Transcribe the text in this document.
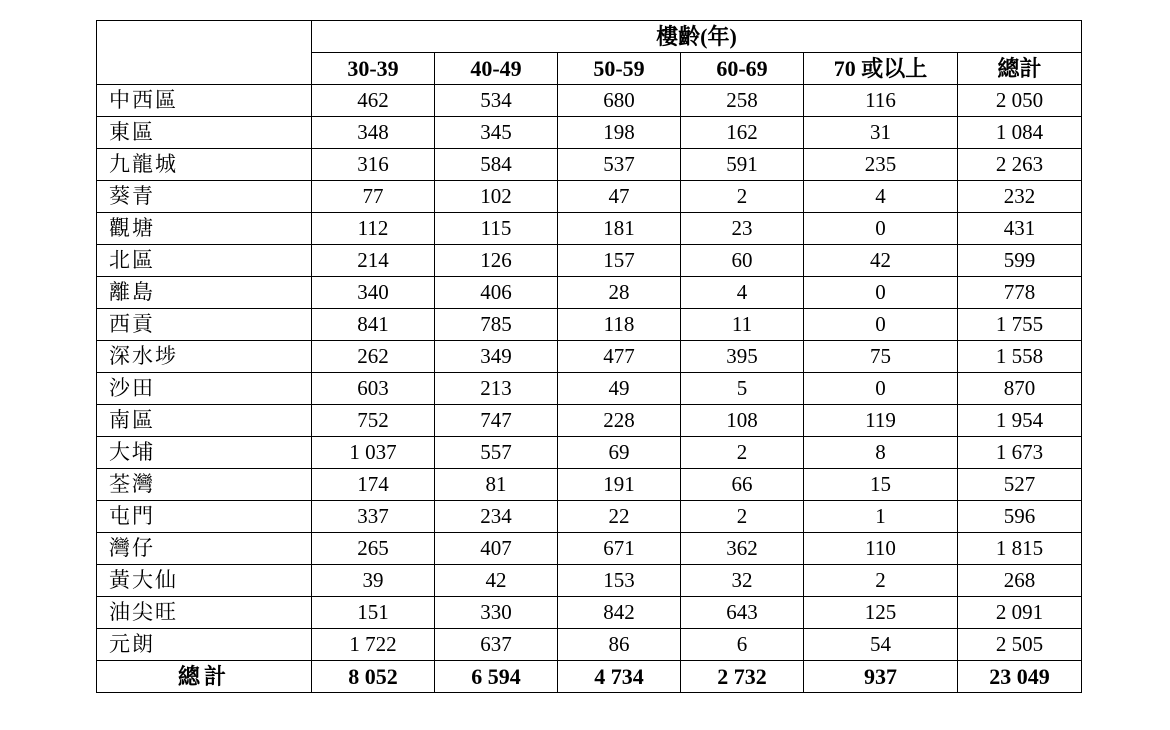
	樓齡(年)					
	30-39	40-49	50-59	60-69	70 或以上	總計
中西區	462	534	680	258	116	2 050
東區	348	345	198	162	31	1 084
九龍城	316	584	537	591	235	2 263
葵青	77	102	47	2	4	232
觀塘	112	115	181	23	0	431
北區	214	126	157	60	42	599
離島	340	406	28	4	0	778
西貢	841	785	118	11	0	1 755
深水埗	262	349	477	395	75	1 558
沙田	603	213	49	5	0	870
南區	752	747	228	108	119	1 954
大埔	1 037	557	69	2	8	1 673
荃灣	174	81	191	66	15	527
屯門	337	234	22	2	1	596
灣仔	265	407	671	362	110	1 815
黃大仙	39	42	153	32	2	268
油尖旺	151	330	842	643	125	2 091
元朗	1 722	637	86	6	54	2 505
總計	8 052	6 594	4 734	2 732	937	23 049
